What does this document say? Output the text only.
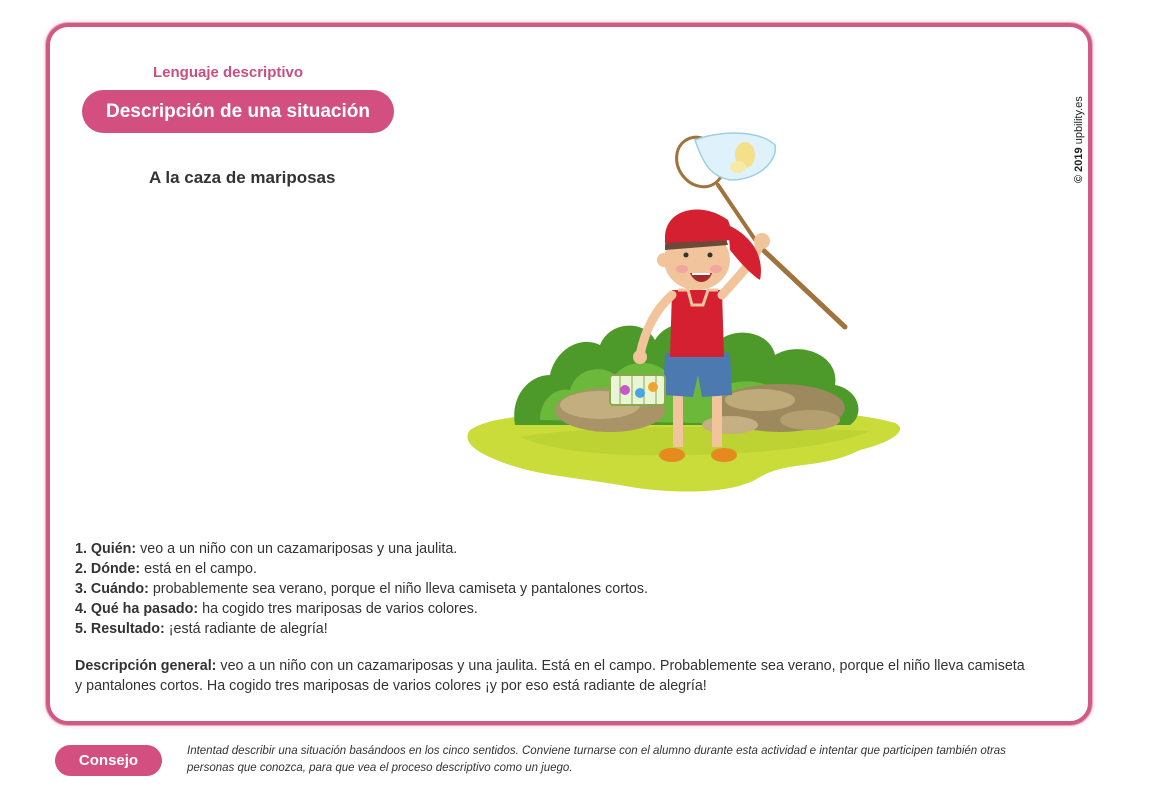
Lenguaje descriptivo
Descripción de una situación
A la caza de mariposas	© 2019 upbility.es
1. Quién: veo a un niño con un cazamariposas y una jaulita.
2. Dónde: está en el campo.
3. Cuándo: probablemente sea verano, porque el niño lleva camiseta y pantalones cortos.
4. Qué ha pasado: ha cogido tres mariposas de varios colores.
5. Resultado: ¡está radiante de alegría!
Descripción general: veo a un niño con un cazamariposas y una jaulita. Está en el campo. Probablemente sea verano, porque el niño lleva camiseta y pantalones cortos. Ha cogido tres mariposas de varios colores ¡y por eso está radiante de alegría!
Consejo
Intentad describir una situación basándoos en los cinco sentidos. Conviene turnarse con el alumno durante esta actividad e intentar que participen también otras personas que conozca, para que vea el proceso descriptivo como un juego.
